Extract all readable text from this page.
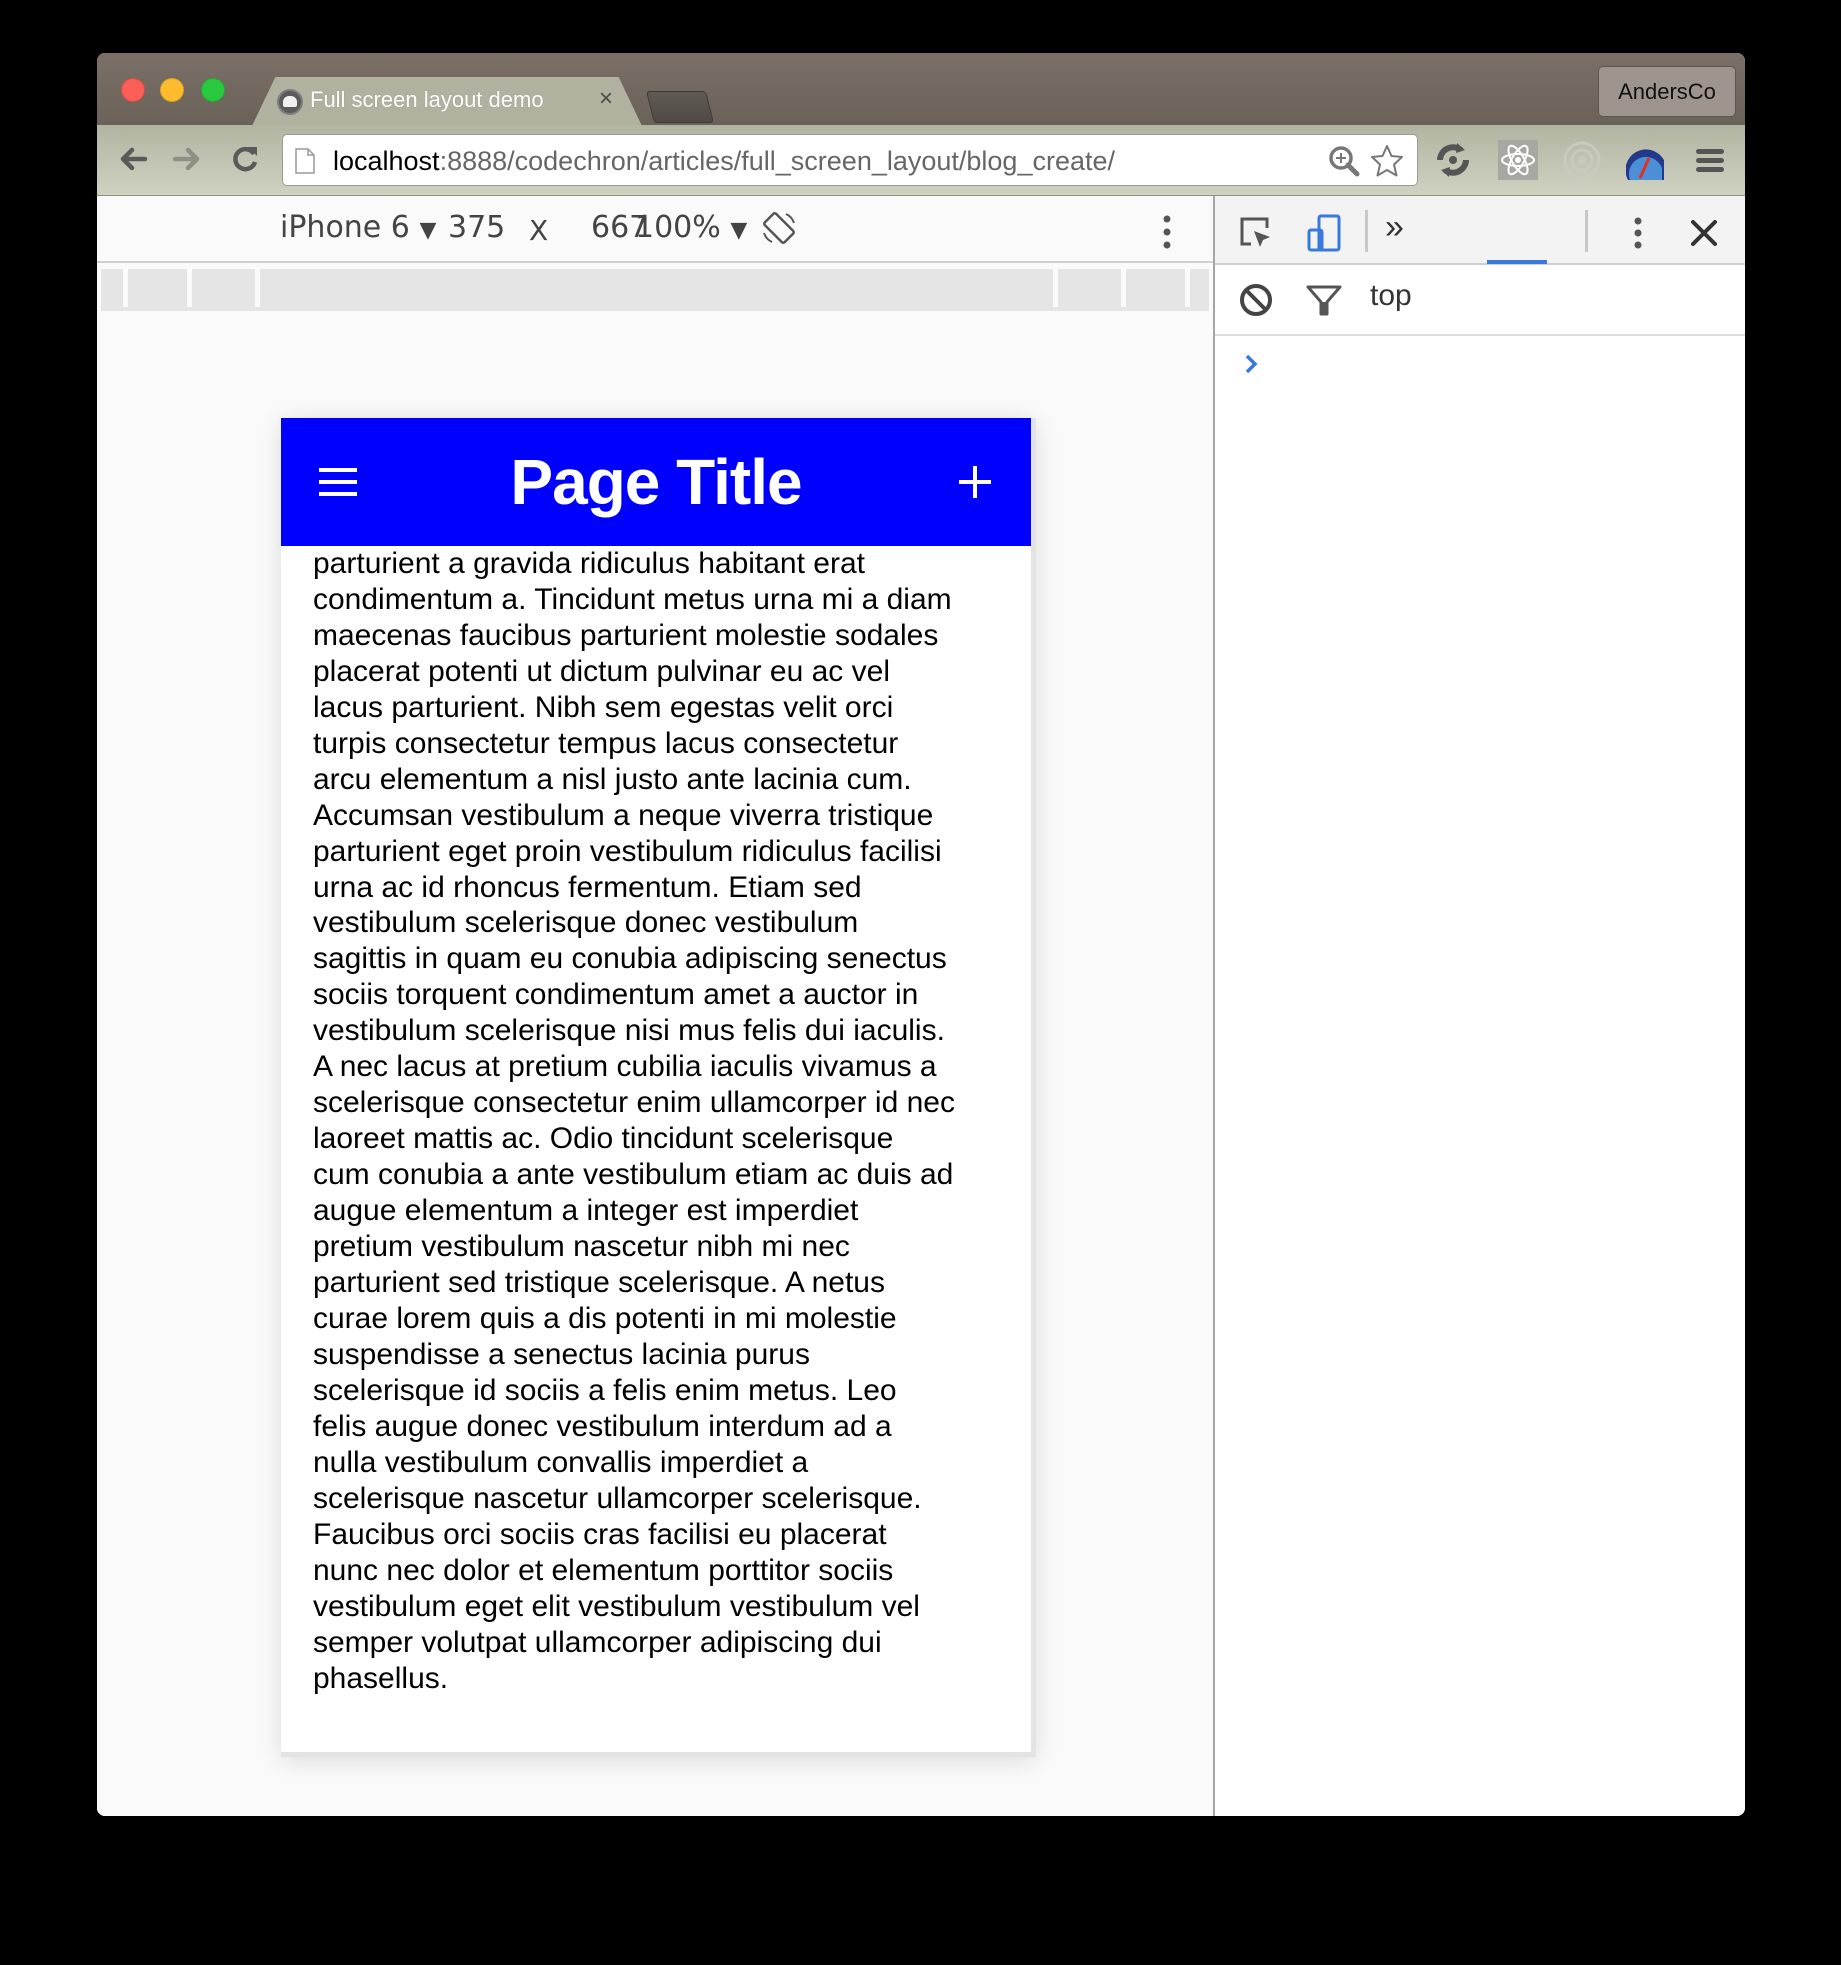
Full screen layout demo ×	AndersCo
localhost:8888/codechron/articles/full_screen_layout/blog_create/
iPhone 6 ▼ 375 X 667
100% ▼
Page Title
parturient a gravida ridiculus habitant erat
condimentum a. Tincidunt metus urna mi a diam
maecenas faucibus parturient molestie sodales
placerat potenti ut dictum pulvinar eu ac vel
lacus parturient. Nibh sem egestas velit orci
turpis consectetur tempus lacus consectetur
arcu elementum a nisl justo ante lacinia cum.
Accumsan vestibulum a neque viverra tristique
parturient eget proin vestibulum ridiculus facilisi
urna ac id rhoncus fermentum. Etiam sed
vestibulum scelerisque donec vestibulum
sagittis in quam eu conubia adipiscing senectus
sociis torquent condimentum amet a auctor in
vestibulum scelerisque nisi mus felis dui iaculis.
A nec lacus at pretium cubilia iaculis vivamus a
scelerisque consectetur enim ullamcorper id nec
laoreet mattis ac. Odio tincidunt scelerisque
cum conubia a ante vestibulum etiam ac duis ad
augue elementum a integer est imperdiet
pretium vestibulum nascetur nibh mi nec
parturient sed tristique scelerisque. A netus
curae lorem quis a dis potenti in mi molestie
suspendisse a senectus lacinia purus
scelerisque id sociis a felis enim metus. Leo
felis augue donec vestibulum interdum ad a
nulla vestibulum convallis imperdiet a
scelerisque nascetur ullamcorper scelerisque.
Faucibus orci sociis cras facilisi eu placerat
nunc nec dolor et elementum porttitor sociis
vestibulum eget elit vestibulum vestibulum vel
semper volutpat ullamcorper adipiscing dui
phasellus.
»
top
